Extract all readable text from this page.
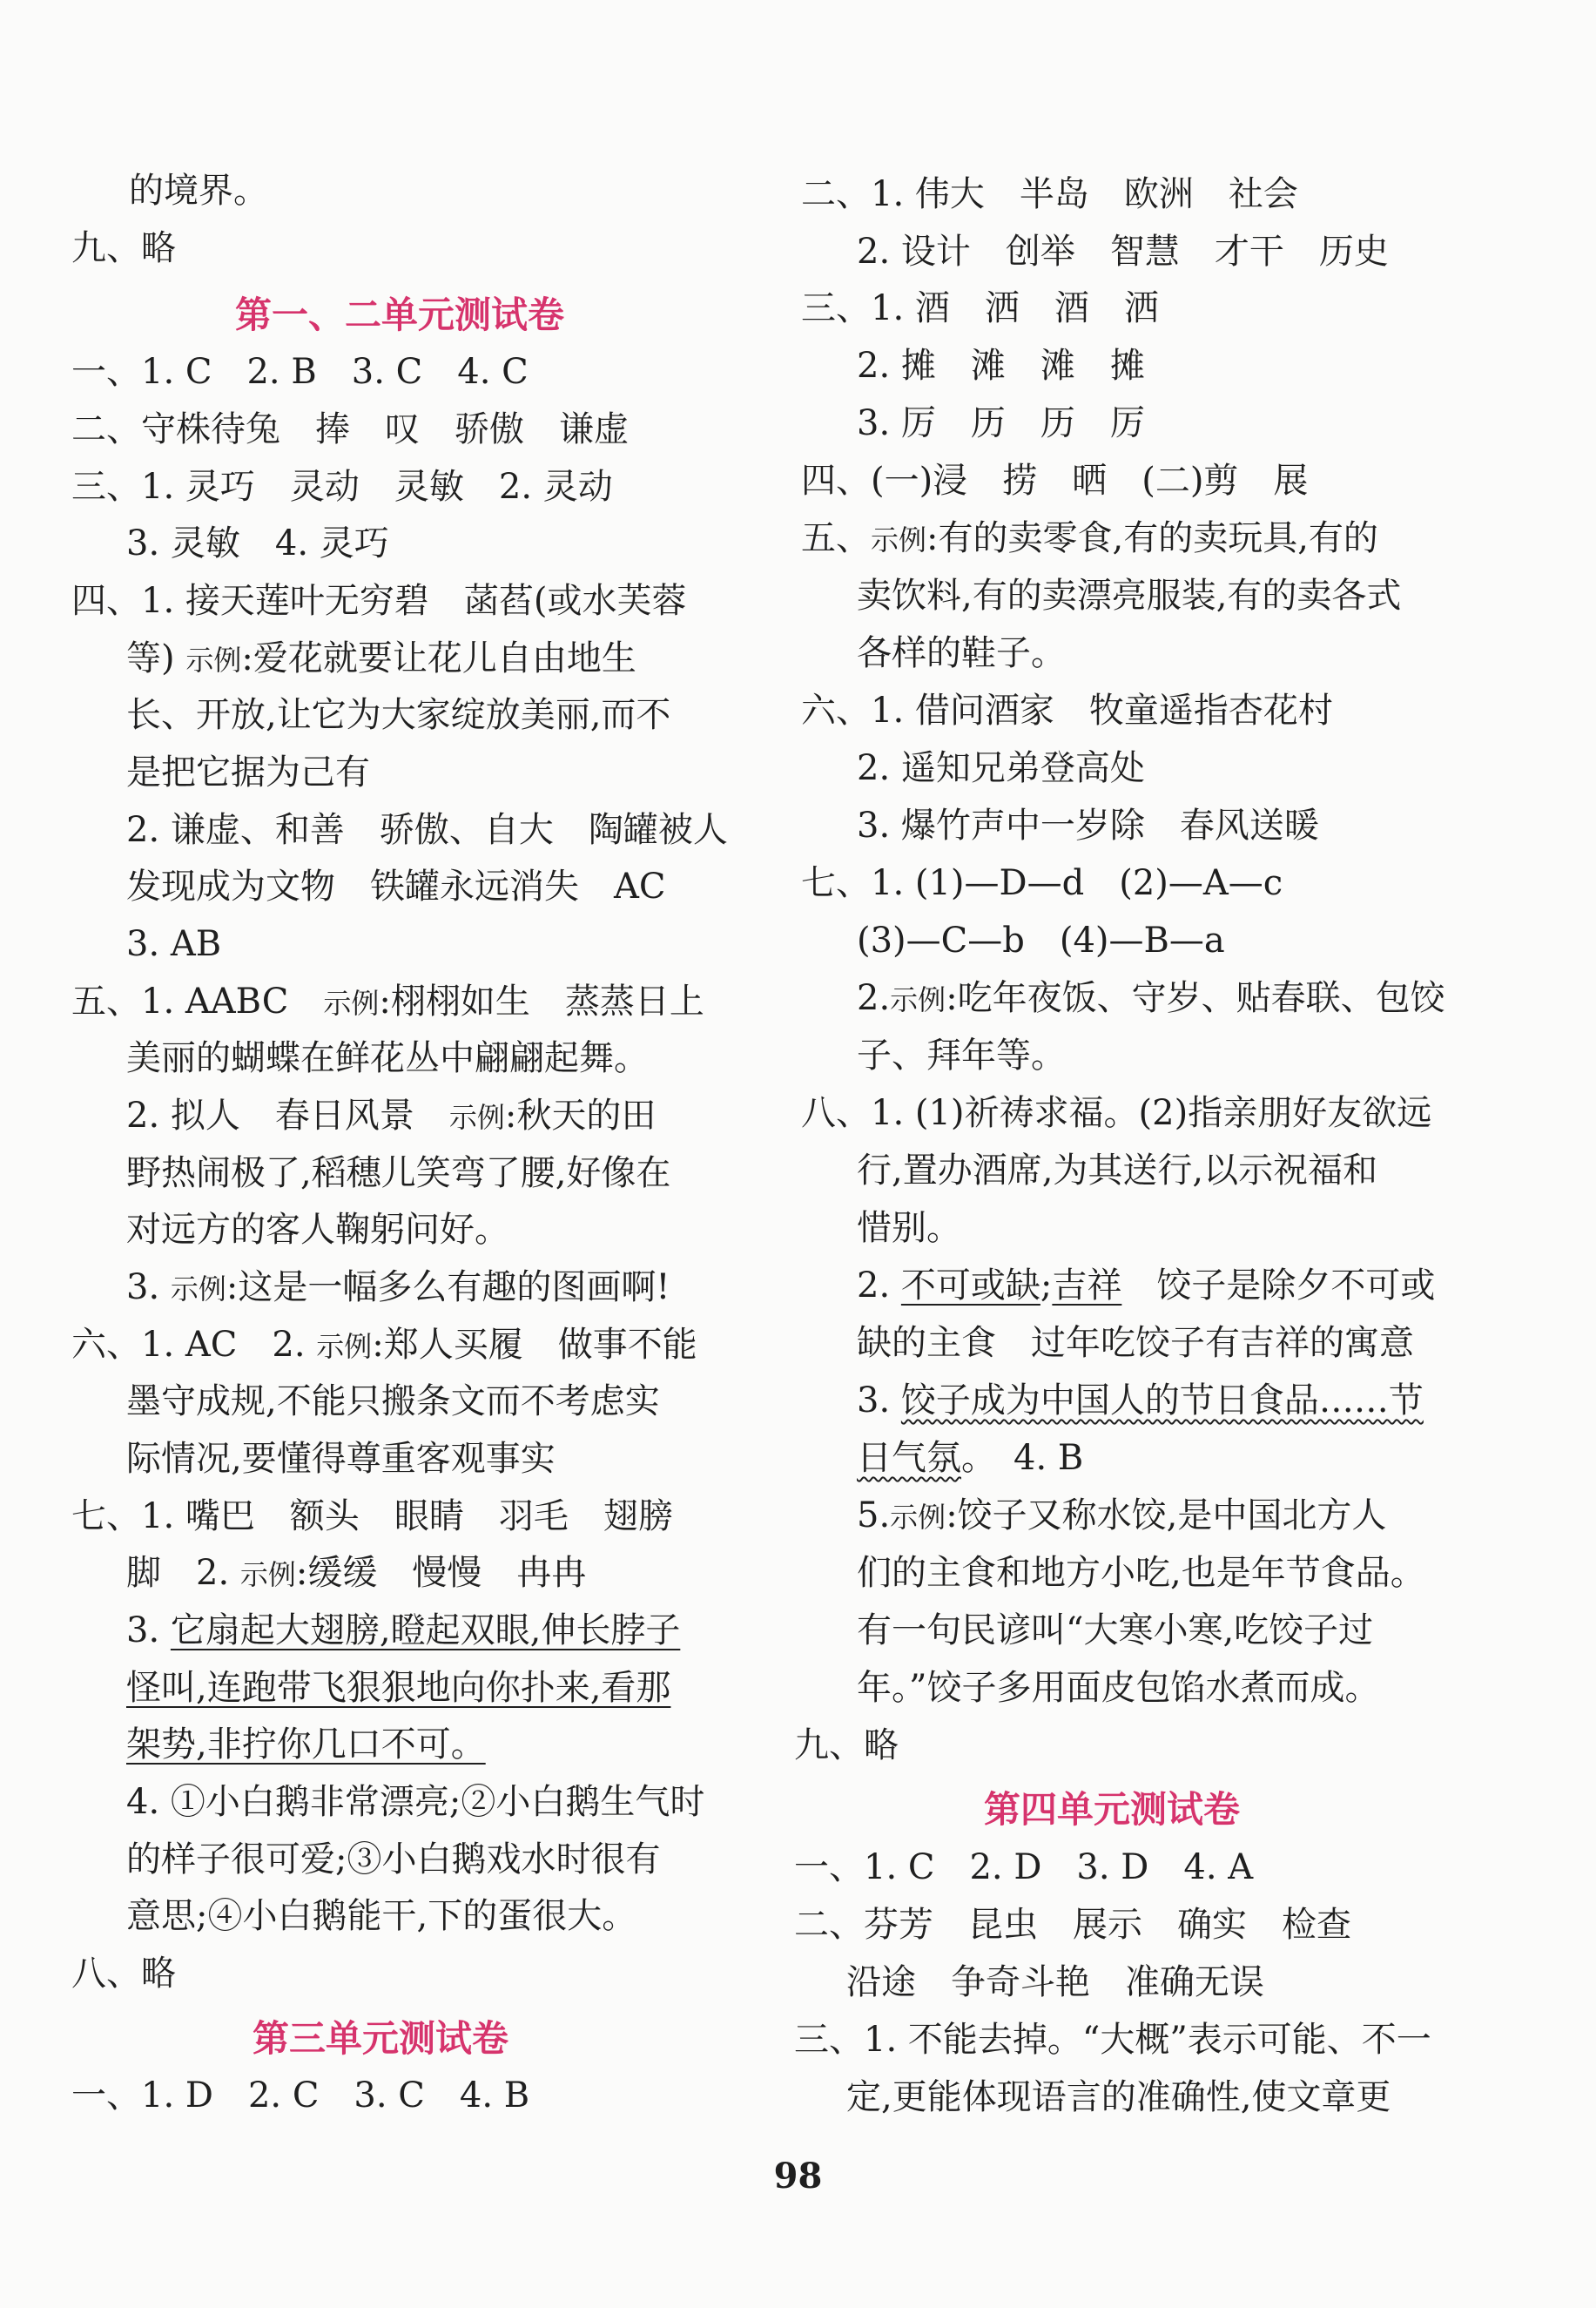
的境界。
九、略
第一、二单元测试卷
一、1. C　2. B　3. C　4. C
二、守株待兔　捧　叹　骄傲　谦虚
三、1. 灵巧　灵动　灵敏　2. 灵动
3. 灵敏　4. 灵巧
四、1. 接天莲叶无穷碧　菡萏(或水芙蓉
等) 示例:爱花就要让花儿自由地生
长、开放,让它为大家绽放美丽,而不
是把它据为己有
2. 谦虚、和善　骄傲、自大　陶罐被人
发现成为文物　铁罐永远消失　AC
3. AB
五、1. AABC　 示例:栩栩如生　蒸蒸日上
美丽的蝴蝶在鲜花丛中翩翩起舞。
2. 拟人　春日风景　 示例:秋天的田
野热闹极了,稻穗儿笑弯了腰,好像在
对远方的客人鞠躬问好。
3. 示例:这是一幅多么有趣的图画啊!
六、1. AC　2. 示例:郑人买履　做事不能
墨守成规,不能只搬条文而不考虑实
际情况,要懂得尊重客观事实
七、1. 嘴巴　额头　眼睛　羽毛　翅膀
脚　2. 示例:缓缓　慢慢　冉冉
3. 它扇起大翅膀,瞪起双眼,伸长脖子
怪叫,连跑带飞狠狠地向你扑来,看那
架势,非拧你几口不可。
4. ①小白鹅非常漂亮;②小白鹅生气时
的样子很可爱;③小白鹅戏水时很有
意思;④小白鹅能干,下的蛋很大。
八、略
第三单元测试卷
一、1. D　2. C　3. C　4. B
二、1. 伟大　半岛　欧洲　社会
2. 设计　创举　智慧　才干　历史
三、1. 酒　洒　酒　洒
2. 摊　滩　滩　摊
3. 厉　历　历　厉
四、(一)浸　捞　晒　(二)剪　展
五、示例:有的卖零食,有的卖玩具,有的
卖饮料,有的卖漂亮服装,有的卖各式
各样的鞋子。
六、1. 借问酒家　牧童遥指杏花村
2. 遥知兄弟登高处
3. 爆竹声中一岁除　春风送暖
七、1. (1)—D—d　(2)—A—c
(3)—C—b　(4)—B—a
2.示例:吃年夜饭、守岁、贴春联、包饺
子、拜年等。
八、1. (1)祈祷求福。(2)指亲朋好友欲远
行,置办酒席,为其送行,以示祝福和
惜别。
2. 不可或缺;吉祥　饺子是除夕不可或
缺的主食　过年吃饺子有吉祥的寓意
3. 饺子成为中国人的节日食品……节
日气氛。　4. B
5.示例:饺子又称水饺,是中国北方人
们的主食和地方小吃,也是年节食品。
有一句民谚叫“大寒小寒,吃饺子过
年。”饺子多用面皮包馅水煮而成。
九、略
第四单元测试卷
一、1. C　2. D　3. D　4. A
二、芬芳　昆虫　展示　确实　检查
沿途　争奇斗艳　准确无误
三、1. 不能去掉。“大概”表示可能、不一
定,更能体现语言的准确性,使文章更
98
